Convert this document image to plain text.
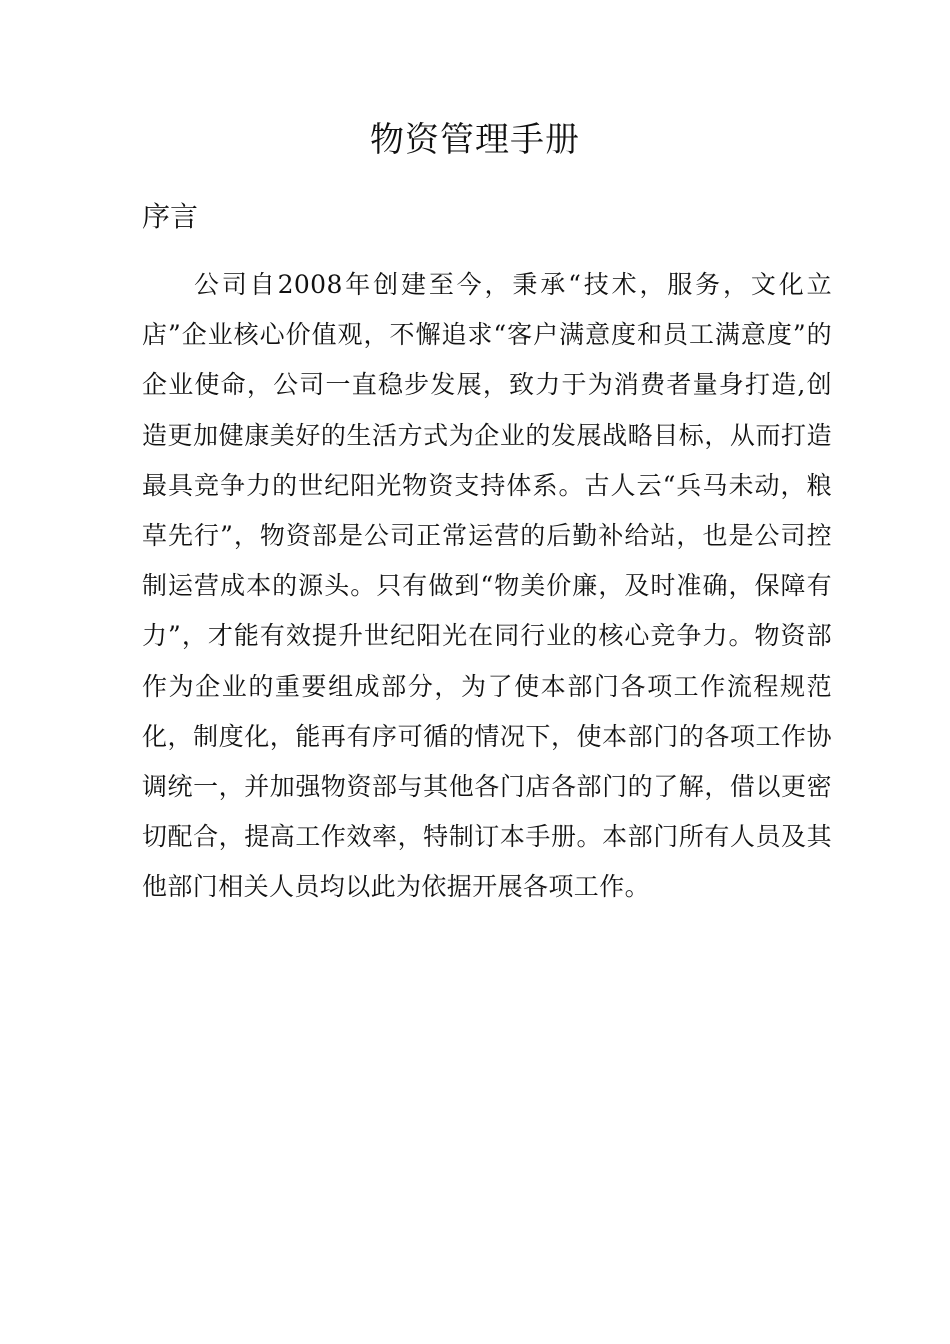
物资管理手册
序言

公司自2008年创建至今，秉承“技术，服务，文化立店”企业核心价值观，不懈追求“客户满意度和员工满意度”的企业使命，公司一直稳步发展，致力于为消费者量身打造,创造更加健康美好的生活方式为企业的发展战略目标，从而打造最具竞争力的世纪阳光物资支持体系。古人云“兵马未动，粮草先行”，物资部是公司正常运营的后勤补给站，也是公司控制运营成本的源头。只有做到“物美价廉，及时准确，保障有力”，才能有效提升世纪阳光在同行业的核心竞争力。物资部作为企业的重要组成部分，为了使本部门各项工作流程规范化，制度化，能再有序可循的情况下，使本部门的各项工作协调统一，并加强物资部与其他各门店各部门的了解，借以更密切配合，提高工作效率，特制订本手册。本部门所有人员及其他部门相关人员均以此为依据开展各项工作。
